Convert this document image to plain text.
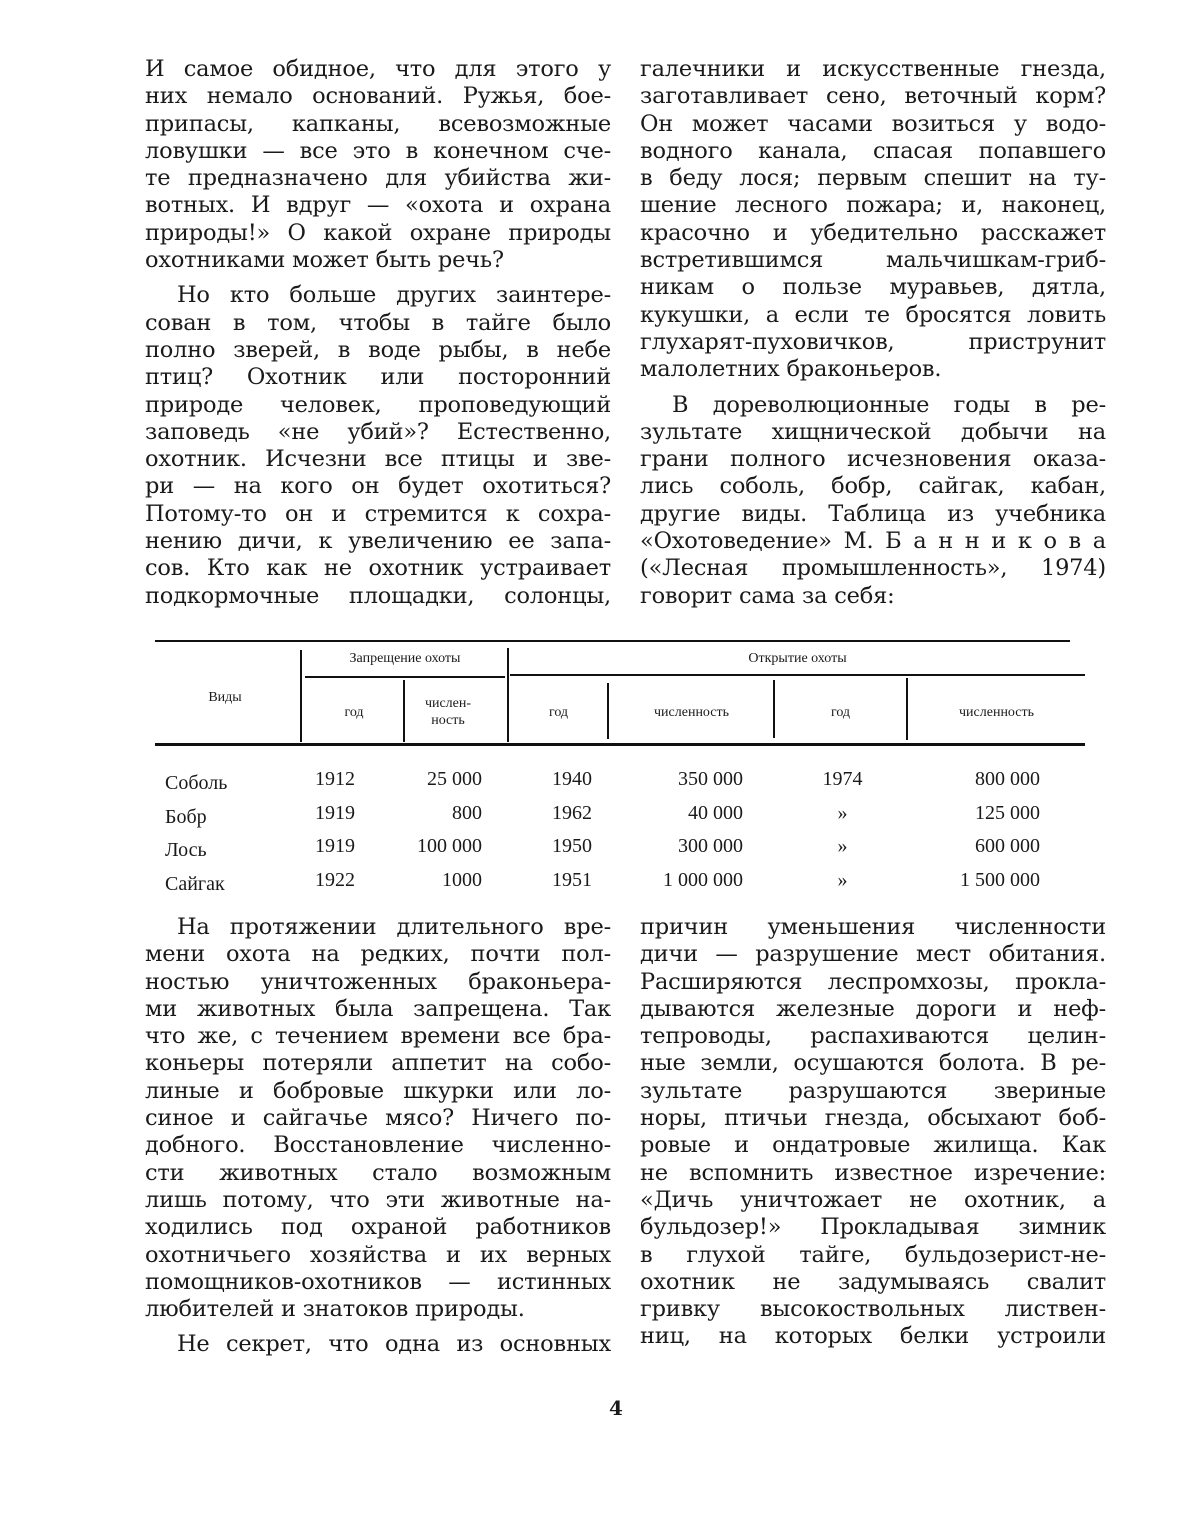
И самое обидное, что для этого у
них немало оснований. Ружья, бое-
припасы, капканы, всевозможные
ловушки — все это в конечном сче-
те предназначено для убийства жи-
вотных. И вдруг — «охота и охрана
природы!» О какой охране природы
охотниками может быть речь?
Но кто больше других заинтере-
сован в том, чтобы в тайге было
полно зверей, в воде рыбы, в небе
птиц? Охотник или посторонний
природе человек, проповедующий
заповедь «не убий»? Естественно,
охотник. Исчезни все птицы и зве-
ри — на кого он будет охотиться?
Потому-то он и стремится к сохра-
нению дичи, к увеличению ее запа-
сов. Кто как не охотник устраивает
подкормочные площадки, солонцы,
галечники и искусственные гнезда,
заготавливает сено, веточный корм?
Он может часами возиться у водо-
водного канала, спасая попавшего
в беду лося; первым спешит на ту-
шение лесного пожара; и, наконец,
красочно и убедительно расскажет
встретившимся мальчишкам-гриб-
никам о пользе муравьев, дятла,
кукушки, а если те бросятся ловить
глухарят-пуховичков, приструнит
малолетних браконьеров.
В дореволюционные годы в ре-
зультате хищнической добычи на
грани полного исчезновения оказа-
лись соболь, бобр, сайгак, кабан,
другие виды. Таблица из учебника
«Охотоведение» М. Б а н н и к о в а
(«Лесная промышленность», 1974)
говорит сама за себя:
Виды
Запрещение охоты	Открытие охоты
год
числен-ность
год	численность	год	численность
Соболь	1912	25 000	1940	350 000	1974	800 000
Бобр	1919	800	1962	40 000	»	125 000
Лось	1919	100 000	1950	300 000	»	600 000
Сайгак	1922	1000	1951	1 000 000	»	1 500 000
На протяжении длительного вре-
мени охота на редких, почти пол-
ностью уничтоженных браконьера-
ми животных была запрещена. Так
что же, с течением времени все бра-
коньеры потеряли аппетит на собо-
линые и бобровые шкурки или ло-
синое и сайгачье мясо? Ничего по-
добного. Восстановление численно-
сти животных стало возможным
лишь потому, что эти животные на-
ходились под охраной работников
охотничьего хозяйства и их верных
помощников-охотников — истинных
любителей и знатоков природы.
Не секрет, что одна из основных
причин уменьшения численности
дичи — разрушение мест обитания.
Расширяются леспромхозы, прокла-
дываются железные дороги и неф-
тепроводы, распахиваются целин-
ные земли, осушаются болота. В ре-
зультате разрушаются звериные
норы, птичьи гнезда, обсыхают боб-
ровые и ондатровые жилища. Как
не вспомнить известное изречение:
«Дичь уничтожает не охотник, а
бульдозер!» Прокладывая зимник
в глухой тайге, бульдозерист-не-
охотник не задумываясь свалит
гривку высокоствольных листвен-
ниц, на которых белки устроили
4
